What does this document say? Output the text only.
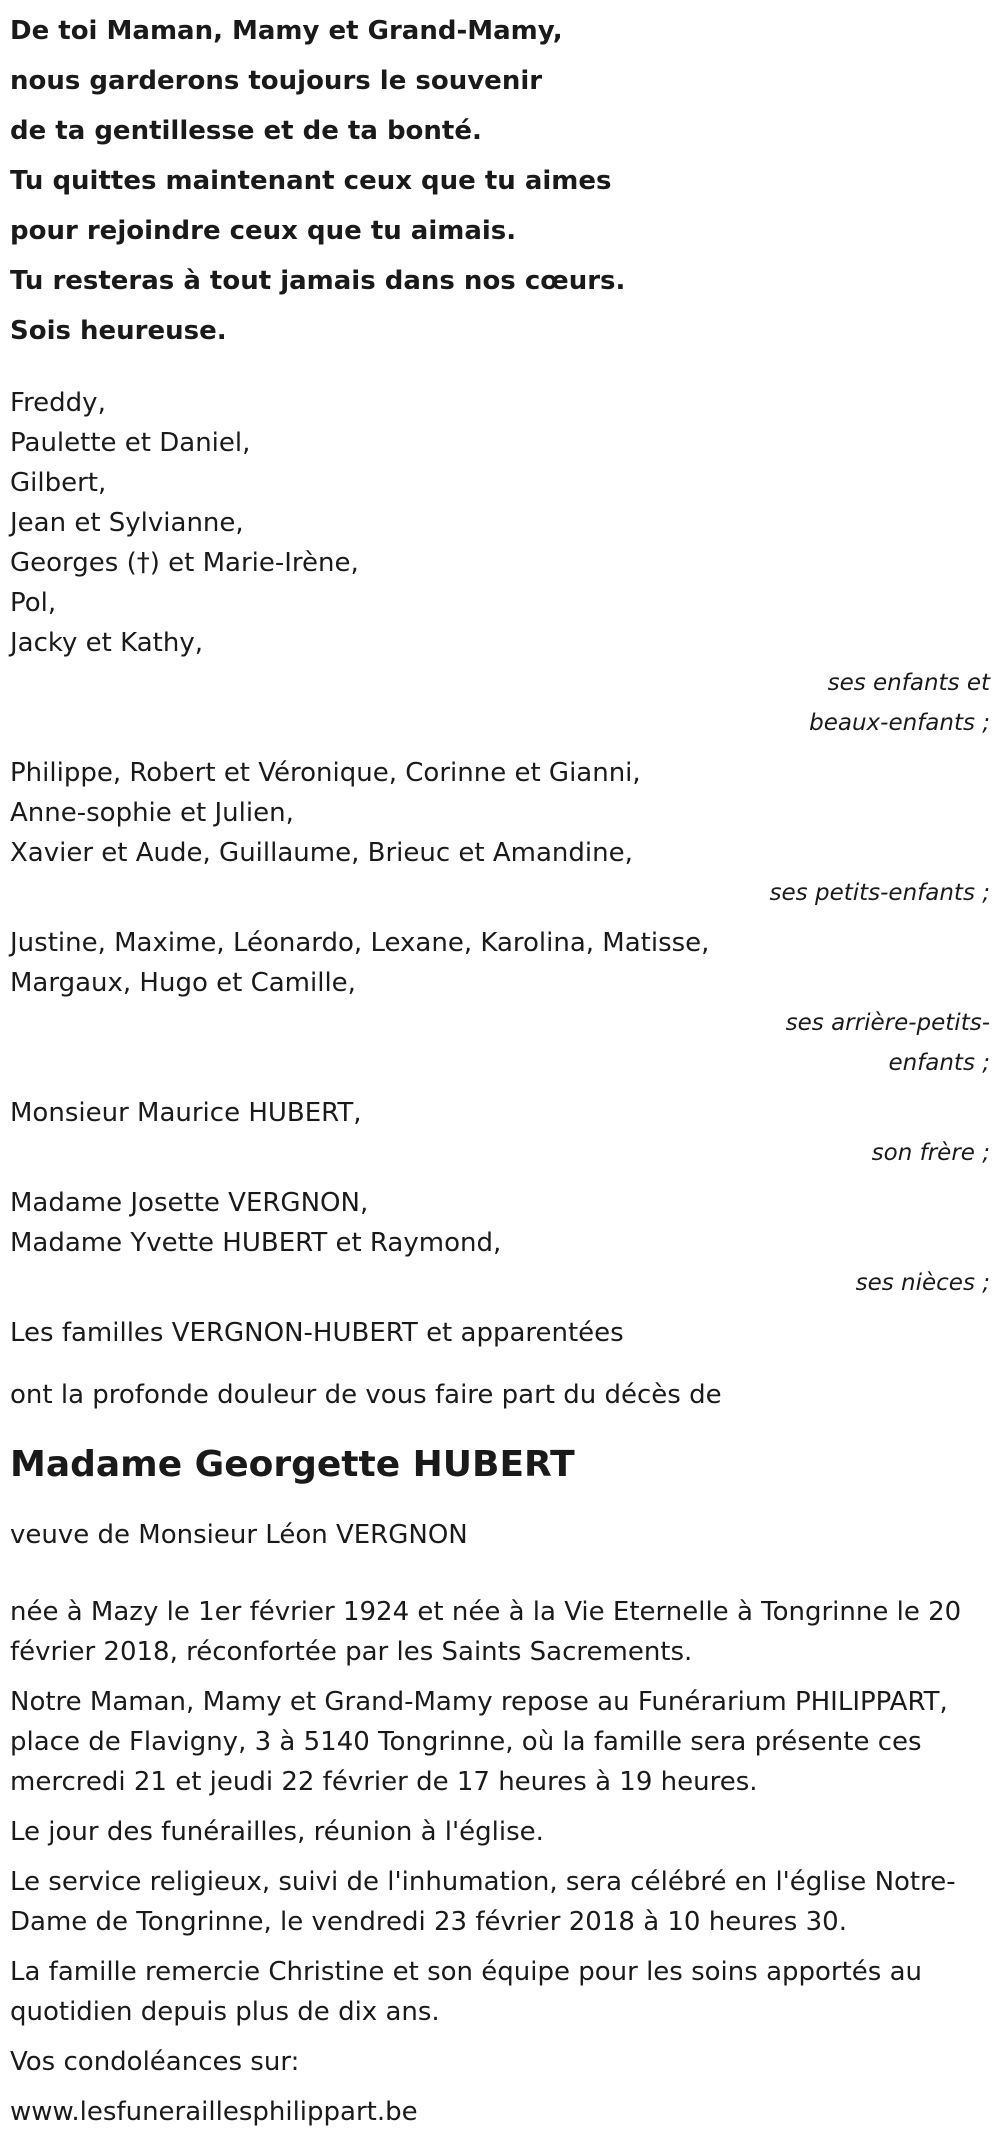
De toi Maman, Mamy et Grand-Mamy,
nous garderons toujours le souvenir
de ta gentillesse et de ta bonté.
Tu quittes maintenant ceux que tu aimes
pour rejoindre ceux que tu aimais.
Tu resteras à tout jamais dans nos cœurs.
Sois heureuse.
Freddy,
Paulette et Daniel,
Gilbert,
Jean et Sylvianne,
Georges (†) et Marie-Irène,
Pol,
Jacky et Kathy,
ses enfants et
beaux-enfants ;
Philippe, Robert et Véronique, Corinne et Gianni,
Anne-sophie et Julien,
Xavier et Aude, Guillaume, Brieuc et Amandine,
ses petits-enfants ;
Justine, Maxime, Léonardo, Lexane, Karolina, Matisse,
Margaux, Hugo et Camille,
ses arrière-petits-
enfants ;
Monsieur Maurice HUBERT,
son frère ;
Madame Josette VERGNON,
Madame Yvette HUBERT et Raymond,
ses nièces ;
Les familles VERGNON-HUBERT et apparentées
ont la profonde douleur de vous faire part du décès de
Madame Georgette HUBERT
veuve de Monsieur Léon VERGNON
née à Mazy le 1er février 1924 et née à la Vie Eternelle à Tongrinne le 20 février 2018, réconfortée par les Saints Sacrements.
Notre Maman, Mamy et Grand-Mamy repose au Funérarium PHILIPPART, place de Flavigny, 3 à 5140 Tongrinne, où la famille sera présente ces mercredi 21 et jeudi 22 février de 17 heures à 19 heures.
Le jour des funérailles, réunion à l'église.
Le service religieux, suivi de l'inhumation, sera célébré en l'église Notre-Dame de Tongrinne, le vendredi 23 février 2018 à 10 heures 30.
La famille remercie Christine et son équipe pour les soins apportés au quotidien depuis plus de dix ans.
Vos condoléances sur:
www.lesfuneraillesphilippart.be
